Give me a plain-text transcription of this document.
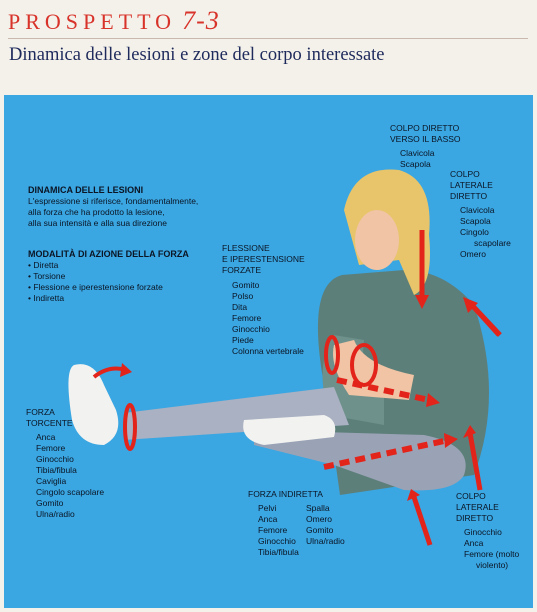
PROSPETTO 7-3
Dinamica delle lesioni e zone del corpo interessate
DINAMICA DELLE LESIONI
L'espressione si riferisce, fondamentalmente,
alla forza che ha prodotto la lesione,
alla sua intensità e alla sua direzione
MODALITÀ DI AZIONE DELLA FORZA
• Diretta
• Torsione
• Flessione e iperestensione forzate
• Indiretta
FLESSIONE
E IPERESTENSIONE
FORZATE
Gomito
Polso
Dita
Femore
Ginocchio
Piede
Colonna vertebrale
COLPO DIRETTO
VERSO IL BASSO
Clavicola
Scapola
COLPO
LATERALE
DIRETTO
Clavicola
Scapola
Cingolo
scapolare
Omero
FORZA
TORCENTE
Anca
Femore
Ginocchio
Tibia/fibula
Caviglia
Cingolo scapolare
Gomito
Ulna/radio
FORZA INDIRETTA
Pelvi
Anca
Femore
Ginocchio
Tibia/fibula
Spalla
Omero
Gomito
Ulna/radio
COLPO
LATERALE
DIRETTO
Ginocchio
Anca
Femore (molto
violento)
